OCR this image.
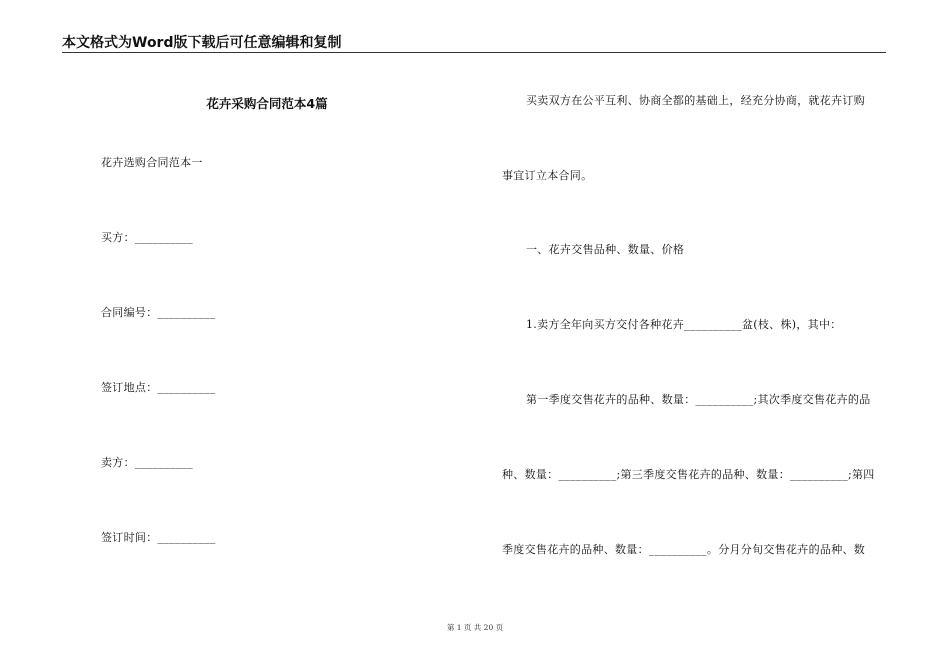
本文格式为Word版下载后可任意编辑和复制
花卉采购合同范本4篇
花卉选购合同范本一
买方：__________
合同编号：__________
签订地点：__________
卖方：__________
签订时间：__________
买卖双方在公平互利、协商全都的基础上，经充分协商，就花卉订购
事宜订立本合同。
一、花卉交售品种、数量、价格
1.卖方全年向买方交付各种花卉__________盆(枝、株)，其中：
第一季度交售花卉的品种、数量：__________;其次季度交售花卉的品
种、数量：__________;第三季度交售花卉的品种、数量：__________;第四
季度交售花卉的品种、数量：__________。分月分旬交售花卉的品种、数
第 1 页 共 20 页
